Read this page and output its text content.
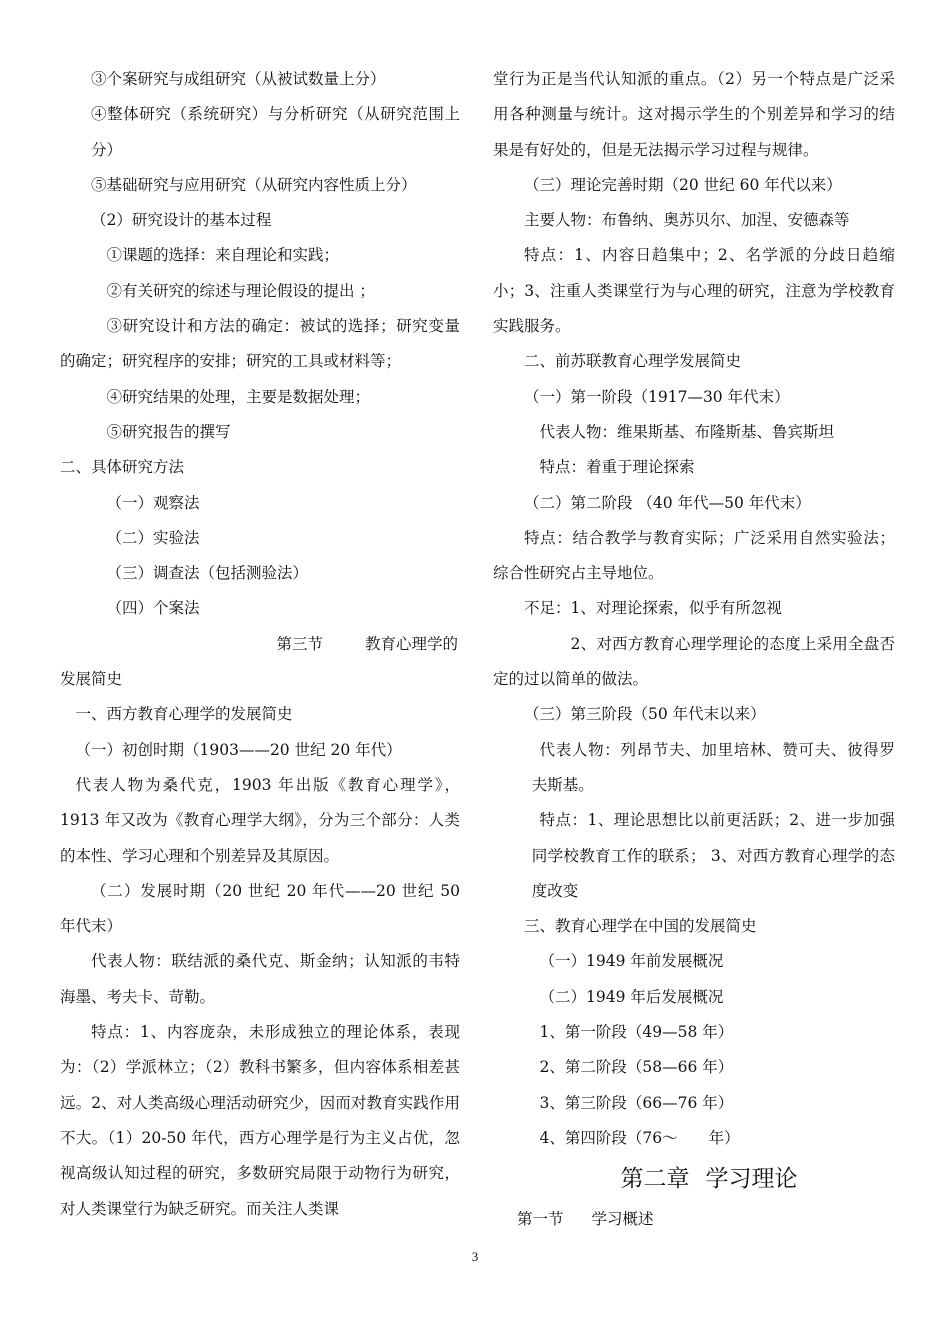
③个案研究与成组研究（从被试数量上分）

④整体研究（系统研究）与分析研究（从研究范围上分）

⑤基础研究与应用研究（从研究内容性质上分）

（2）研究设计的基本过程

①课题的选择：来自理论和实践；

②有关研究的综述与理论假设的提出 ；

③研究设计和方法的确定：被试的选择；研究变量的确定；研究程序的安排；研究的工具或材料等；

④研究结果的处理，主要是数据处理；

⑤研究报告的撰写

二、具体研究方法

（一）观察法

（二）实验法

（三）调查法（包括测验法）

（四）个案法

第三节	教育心理学的
发展简史

一、西方教育心理学的发展简史

（一）初创时期（1903——20 世纪 20 年代）

代表人物为桑代克，1903 年出版《教育心理学》，1913 年又改为《教育心理学大纲》，分为三个部分：人类的本性、学习心理和个别差异及其原因。

（二）发展时期（20 世纪 20 年代——20 世纪 50 年代末）

代表人物：联结派的桑代克、斯金纳；认知派的韦特海墨、考夫卡、苛勒。

特点：1、内容庞杂，未形成独立的理论体系，表现为：（2）学派林立；（2）教科书繁多，但内容体系相差甚远。2、对人类高级心理活动研究少，因而对教育实践作用不大。（1）20-50 年代，西方心理学是行为主义占优，忽视高级认知过程的研究，多数研究局限于动物行为研究，对人类课堂行为缺乏研究。而关注人类课

堂行为正是当代认知派的重点。（2）另一个特点是广泛采用各种测量与统计。这对揭示学生的个别差异和学习的结果是有好处的，但是无法揭示学习过程与规律。

（三）理论完善时期（20 世纪 60 年代以来）

主要人物：布鲁纳、奥苏贝尔、加涅、安德森等

特点：1、内容日趋集中；2、名学派的分歧日趋缩小；3、注重人类课堂行为与心理的研究，注意为学校教育实践服务。

二、前苏联教育心理学发展简史

（一）第一阶段（1917—30 年代末）

代表人物：维果斯基、布隆斯基、鲁宾斯坦

特点：着重于理论探索

（二）第二阶段 （40 年代—50 年代末）

特点：结合教学与教育实际；广泛采用自然实验法；综合性研究占主导地位。

不足：1、对理论探索，似乎有所忽视

2、对西方教育心理学理论的态度上采用全盘否定的过以简单的做法。

（三）第三阶段（50 年代末以来）

代表人物：列昂节夫、加里培林、赞可夫、彼得罗夫斯基。

特点：1、理论思想比以前更活跃；2、进一步加强同学校教育工作的联系； 3、对西方教育心理学的态度改变

三、教育心理学在中国的发展简史

（一）1949 年前发展概况

（二）1949 年后发展概况

1、第一阶段（49—58 年）

2、第二阶段（58—66 年）

3、第三阶段（66—76 年）

4、第四阶段（76～　　年）

第二章 学习理论
第一节 学习概述
3
